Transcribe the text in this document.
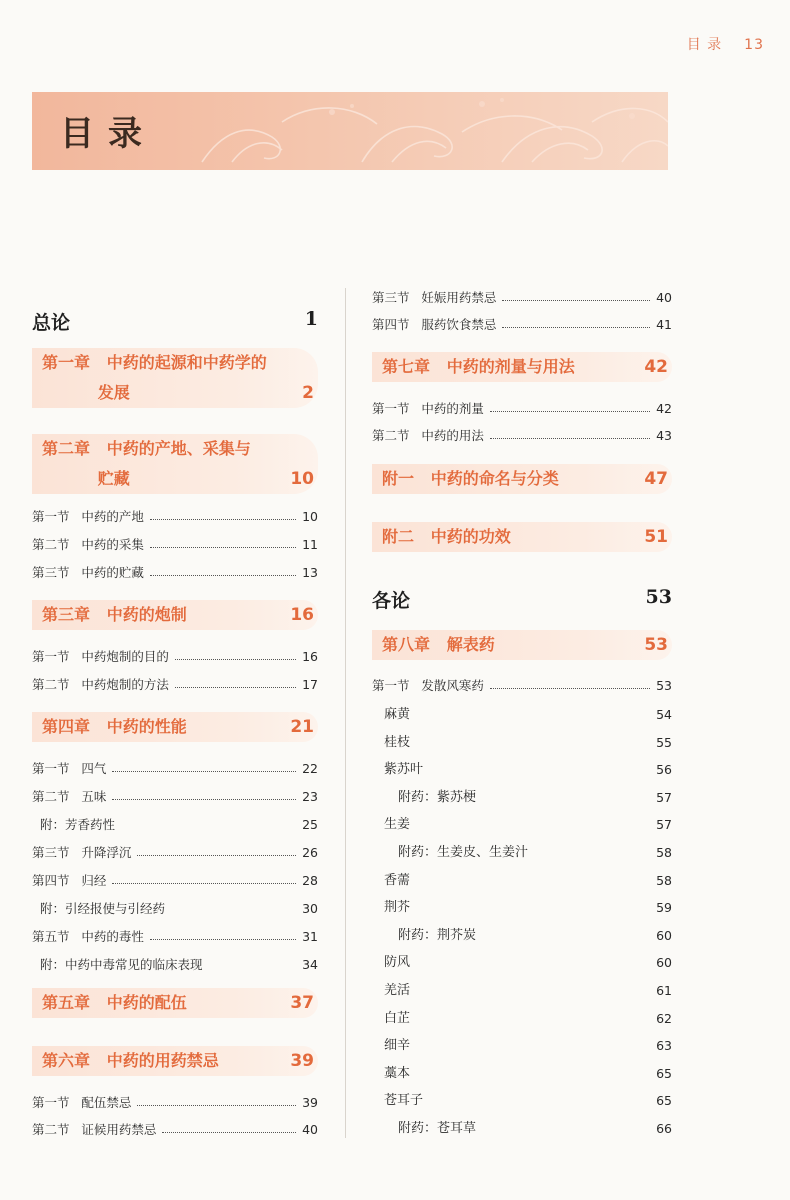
目 录 13
目录
总论	1
第一章   中药的起源和中药学的
发展	2
第二章   中药的产地、采集与
贮藏	10
第一节   中药的产地	10
第二节   中药的采集	11
第三节   中药的贮藏	13
第三章   中药的炮制	16
第一节   中药炮制的目的	16
第二节   中药炮制的方法	17
第四章   中药的性能	21
第一节   四气	22
第二节   五味	23
附：芳香药性	25
第三节   升降浮沉	26
第四节   归经	28
附：引经报使与引经药	30
第五节   中药的毒性	31
附：中药中毒常见的临床表现	34
第五章   中药的配伍	37
第六章   中药的用药禁忌	39
第一节   配伍禁忌	39
第二节   证候用药禁忌	40
第三节   妊娠用药禁忌	40
第四节   服药饮食禁忌	41
第七章   中药的剂量与用法	42
第一节   中药的剂量	42
第二节   中药的用法	43
附一   中药的命名与分类	47
附二   中药的功效	51
各论	53
第八章   解表药	53
第一节   发散风寒药	53
麻黄	54
桂枝	55
紫苏叶	56
附药：紫苏梗	57
生姜	57
附药：生姜皮、生姜汁	58
香薷	58
荆芥	59
附药：荆芥炭	60
防风	60
羌活	61
白芷	62
细辛	63
藁本	65
苍耳子	65
附药：苍耳草	66
